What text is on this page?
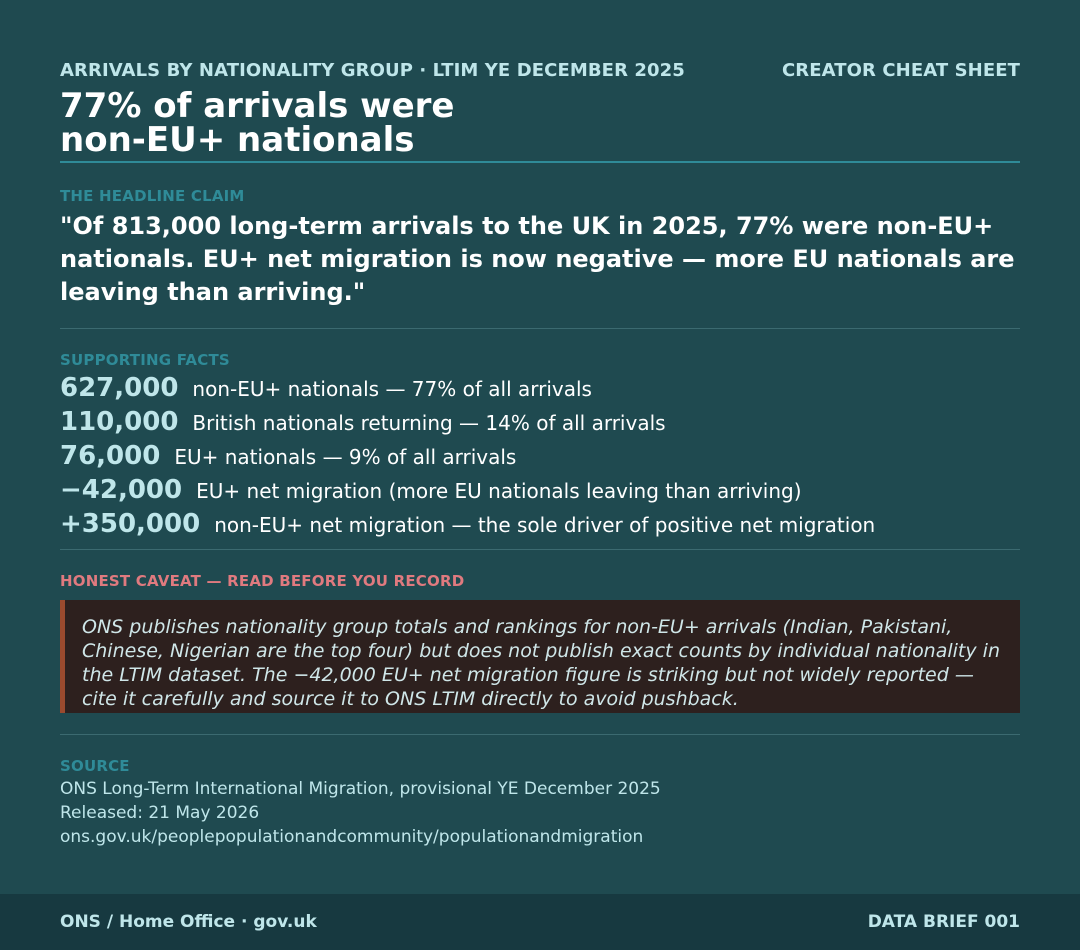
ARRIVALS BY NATIONALITY GROUP · LTIM YE DECEMBER 2025	CREATOR CHEAT SHEET
77% of arrivals were
non-EU+ nationals
THE HEADLINE CLAIM
"Of 813,000 long-term arrivals to the UK in 2025, 77% were non-EU+ nationals. EU+ net migration is now negative — more EU nationals are leaving than arriving."
SUPPORTING FACTS
627,000 non-EU+ nationals — 77% of all arrivals
110,000 British nationals returning — 14% of all arrivals
76,000 EU+ nationals — 9% of all arrivals
−42,000 EU+ net migration (more EU nationals leaving than arriving)
+350,000 non-EU+ net migration — the sole driver of positive net migration
HONEST CAVEAT — READ BEFORE YOU RECORD
ONS publishes nationality group totals and rankings for non-EU+ arrivals (Indian, Pakistani, Chinese, Nigerian are the top four) but does not publish exact counts by individual nationality in the LTIM dataset. The −42,000 EU+ net migration figure is striking but not widely reported — cite it carefully and source it to ONS LTIM directly to avoid pushback.
SOURCE
ONS Long-Term International Migration, provisional YE December 2025
Released: 21 May 2026
ons.gov.uk/peoplepopulationandcommunity/populationandmigration
ONS / Home Office · gov.uk	DATA BRIEF 001
